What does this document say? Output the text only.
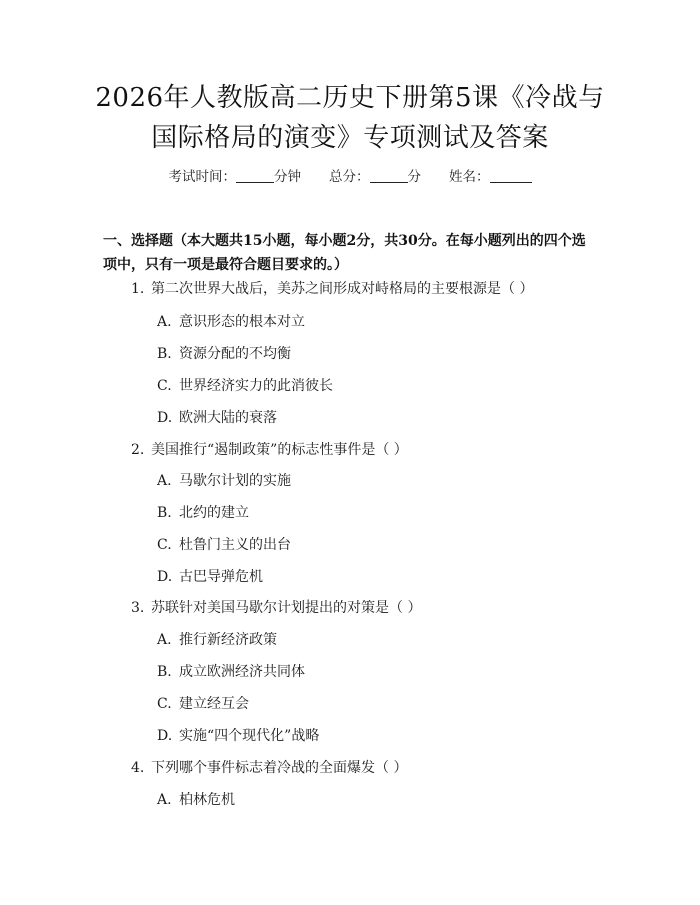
2026年人教版高二历史下册第5课《冷战与
国际格局的演变》专项测试及答案
考试时间：	分钟 总分：	分 姓名：
一、选择题（本大题共15小题，每小题2分，共30分。在每小题列出的四个选
项中，只有一项是最符合题目要求的。）
1. 第二次世界大战后，美苏之间形成对峙格局的主要根源是（ ）
A. 意识形态的根本对立
B. 资源分配的不均衡
C. 世界经济实力的此消彼长
D. 欧洲大陆的衰落
2. 美国推行“遏制政策”的标志性事件是（ ）
A. 马歇尔计划的实施
B. 北约的建立
C. 杜鲁门主义的出台
D. 古巴导弹危机
3. 苏联针对美国马歇尔计划提出的对策是（ ）
A. 推行新经济政策
B. 成立欧洲经济共同体
C. 建立经互会
D. 实施“四个现代化”战略
4. 下列哪个事件标志着冷战的全面爆发（ ）
A. 柏林危机
